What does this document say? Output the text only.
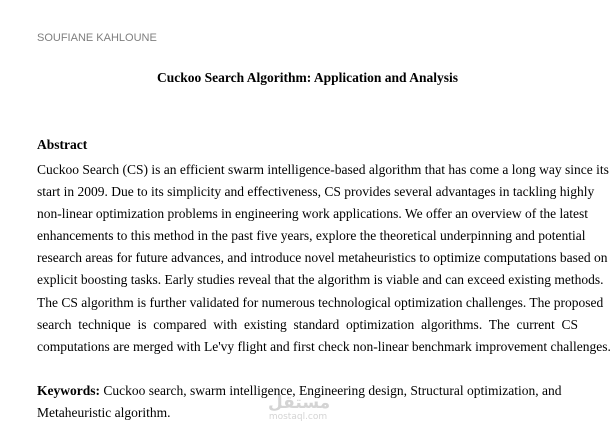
SOUFIANE KAHLOUNE
Cuckoo Search Algorithm: Application and Analysis
Abstract
Cuckoo Search (CS) is an efficient swarm intelligence-based algorithm that has come a long way since its
start in 2009. Due to its simplicity and effectiveness, CS provides several advantages in tackling highly
non-linear optimization problems in engineering work applications. We offer an overview of the latest
enhancements to this method in the past five years, explore the theoretical underpinning and potential
research areas for future advances, and introduce novel metaheuristics to optimize computations based on
explicit boosting tasks. Early studies reveal that the algorithm is viable and can exceed existing methods.
The CS algorithm is further validated for numerous technological optimization challenges. The proposed
search technique is compared with existing standard optimization algorithms. The current CS
computations are merged with Le'vy flight and first check non-linear benchmark improvement challenges.
Keywords: Cuckoo search, swarm intelligence, Engineering design, Structural optimization, and
Metaheuristic algorithm.	مستقل
mostaql.com
